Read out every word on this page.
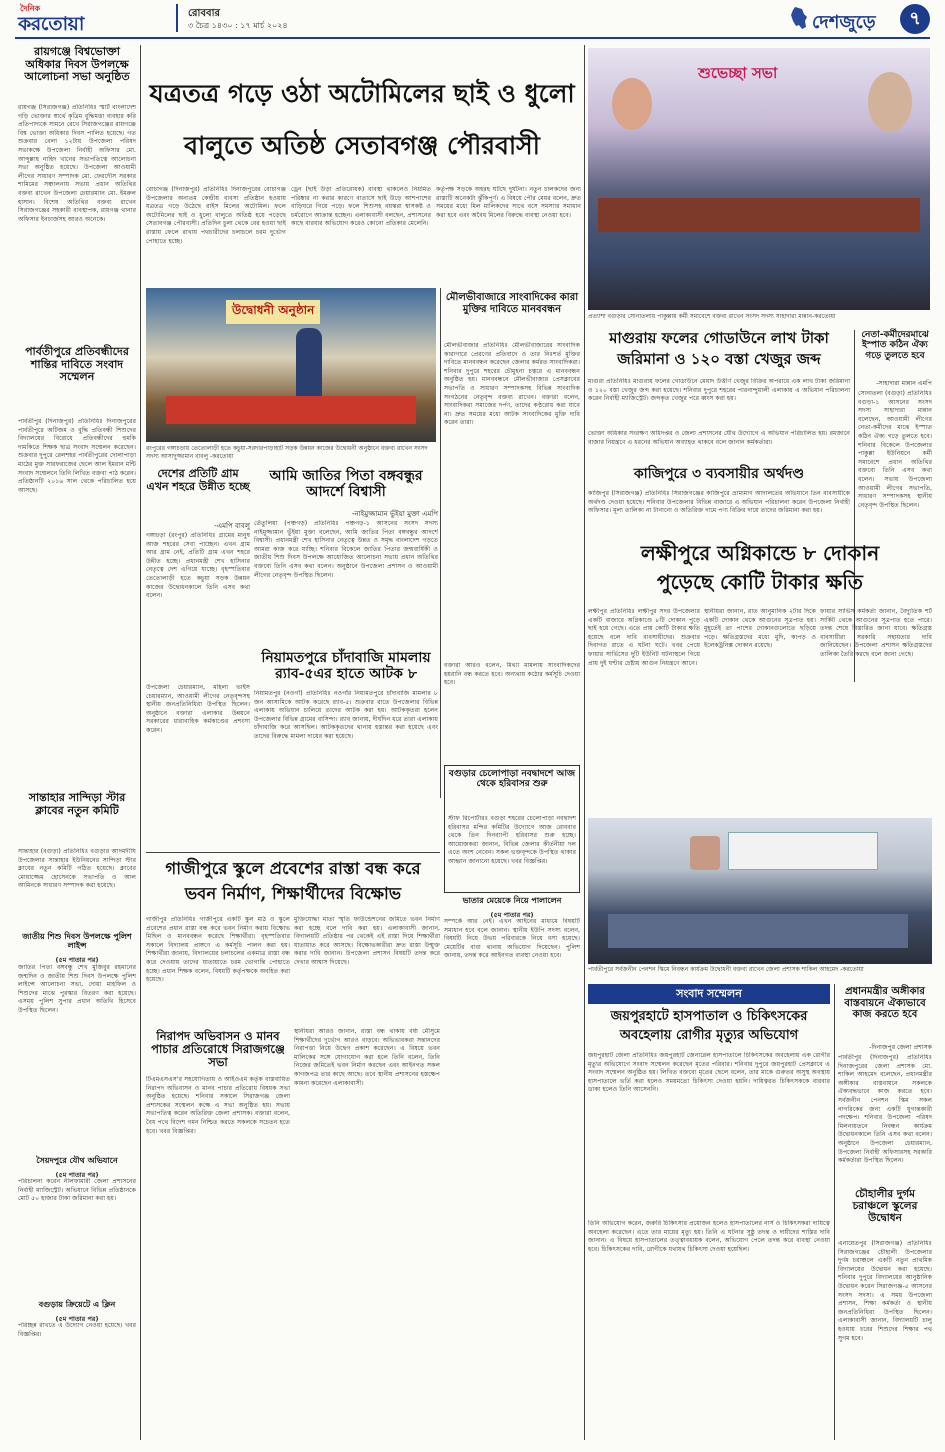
দৈনিক
করতোয়া	রোববার
৩ চৈত্র ১৪৩০ : ১৭ মার্চ ২০২৪	দেশজুড়ে	৭
রায়গঞ্জে বিশ্বভোক্তা অধিকার দিবস উপলক্ষে আলোচনা সভা অনুষ্ঠিত
রায়গঞ্জ (সিরাজগঞ্জ) প্রতিনিধিঃ স্মার্ট বাংলাদেশ গড়ি ভোক্তার স্বার্থে কৃত্রিম বুদ্ধিমত্তা ব্যবহার করি প্রতিপাদ্যকে সামনে রেখে সিরাজগঞ্জের রায়গঞ্জে বিশ্ব ভোক্তা অধিকার দিবস পালিত হয়েছে। গত শুক্রবার বেলা ১২টায় উপজেলা পরিষদ সভাকক্ষে উপজেলা নির্বাহী অফিসার মো. আব্দুল্লাহ নাহিদ খানের সভাপতিত্বে আলোচনা সভা অনুষ্ঠিত হয়েছে। উপজেলা আওয়ামী লীগের সাধারণ সম্পাদক মো. ফেরদৌস সরকার শামিমের সঞ্চালনায় সভায় প্রধান অতিথির বক্তব্য রাখেন উপজেলা চেয়ারম্যান মো. ইমরুল হাসান। বিশেষ অতিথির বক্তব্য রাখেন সিরাজগঞ্জের সহকারী ব্যবস্থাপক, রায়গঞ্জ থানার অফিসার ইনচার্জসহ আরও অনেকে।
পার্বতীপুরে প্রতিবন্ধীদের শান্তির দাবিতে সংবাদ সম্মেলন
পার্বতীপুর (দিনাজপুর) প্রতিনিধিঃ দিনাজপুরের পার্বতীপুরে অটিজম ও বুদ্ধি প্রতিবন্ধী শিশুদের বিদ্যালয়ের বিরোধে প্রতিবন্ধীদের হুমকি দামকিতে শিক্ষক ছাত্র সংবাদ সম্মেলন করেছেন। শুক্রবার দুপুরে রেলশহর পার্বতীপুরের দোলাপাড়া মাঠের মুক্ত সারফরাজের ছেলে আল ইমরান মন্টি সংবাদ সম্মেলনে তিনি লিখিত বক্তব্য পাঠ করেন। প্রতিষ্ঠানটি ২০১৬ সাল থেকে পরিচালিত হয়ে আসছে।
সান্তাহার সান্দিড়া স্টার ক্লাবের নতুন কমিটি
সান্তাহার (বগুড়া) প্রতিনিধিঃ বগুড়ার আদমদীঘি উপজেলার সান্তাহার ইউনিয়নের সান্দিড়া স্টার ক্লাবের নতুন কমিটি গঠিত হয়েছে। ক্লাবের মোয়াজ্জেম হোসেনকে সভাপতি ও আল আমিনকে সাধারণ সম্পাদক করা হয়েছে।
জাতীয় শিশু দিবস উপলক্ষে পুলিশ লাইন্স
(৫ম পাতার পর)
জাতির পিতা বঙ্গবন্ধু শেখ মুজিবুর রহমানের জন্মদিন ও জাতীয় শিশু দিবস উপলক্ষে পুলিশ লাইন্সে আলোচনা সভা, দোয়া মাহফিল ও শিশুদের মাঝে পুরস্কার বিতরণ করা হয়েছে। এসময় পুলিশ সুপার প্রধান অতিথি হিসেবে উপস্থিত ছিলেন।
সৈয়দপুরে যৌথ অভিযানে
(৫ম পাতার পর)
পরিচালনা করেন নীলফামারী জেলা প্রশাসনের নির্বাহী ম্যাজিস্ট্রেট। অভিযানে বিভিন্ন প্রতিষ্ঠানকে মোট ৫০ হাজার টাকা জরিমানা করা হয়।
বগুড়ায় ক্রিয়েটে এ ক্লিন
(৫ম পাতার পর)
পরিচ্ছন্ন রাখতে এ উদ্যোগ নেওয়া হয়েছে। খবর বিজ্ঞপ্তির।
যত্রতত্র গড়ে ওঠা অটোমিলের ছাই ও ধুলো
বালুতে অতিষ্ঠ সেতাবগঞ্জ পৌরবাসী
বোচাগঞ্জ (দিনাজপুর) প্রতিনিধিঃ দিনাজপুরের বোচাগঞ্জ উপজেলার অন্যতম কেন্দ্রীয় ব্যবসা প্রতিষ্ঠান হওয়ায় যত্রতত্র গড়ে উঠেছে রাইস মিলের অটোমিল। ফলে অটোমিলের ছাই ও ধুলো বালুতে অতিষ্ঠ হয়ে পড়েছে সেতাবগঞ্জ পৌরবাসী। প্রতিদিন চুলা থেকে বের হওয়া ছাই রাস্তায় ফেলে রাখায় পথচারীদের চলাচলে চরম দুর্ভোগ পোহাতে হচ্ছে।
ড্রেন (ছাই উড়া প্রতিরোধক) ব্যবস্থা থাকলেও নিয়মিত পরিষ্কার না করার কারণে বাতাসে ছাই উড়ে আশপাশের বাড়িঘরে গিয়ে পড়ে। ফলে শিশুসহ বয়স্করা শ্বাসকষ্ট ও চর্মরোগে আক্রান্ত হচ্ছেন। এলাকাবাসী বলছেন, প্রশাসনের কাছে বারবার অভিযোগ করেও কোনো প্রতিকার মেলেনি।
কর্তৃপক্ষ সড়কে অহরহ ঘটছে দুর্ঘটনা। নতুন চালকদের জন্য রাস্তাটি অনেকটা ঝুঁকিপূর্ণ। এ বিষয়ে পৌর মেয়র বলেন, দ্রুত সময়ের মধ্যে মিল মালিকদের সাথে বসে সমস্যার সমাধান করা হবে এবং অবৈধ মিলের বিরুদ্ধে ব্যবস্থা নেওয়া হবে।
উদ্বোধনী অনুষ্ঠান
রংপুরের গঙ্গাচড়ায় তেতোলাড়ী হতে কচুয়া-সরদারপাড়াহাট সড়ক উন্নয়ন কাজের উদ্বোধনী অনুষ্ঠানে বক্তব্য রাখেন সংসদ সদস্য আসাদুজ্জামান বাবলু -করতোয়া
মৌলভীবাজারে সাংবাদিকের কারা মুক্তির দাবিতে মানববন্ধন
মৌলভীবাজার প্রতিনিধিঃ মৌলভীবাজারের সাংবাদিক কারাগারে প্রেরণের প্রতিবাদে ও তার নিঃশর্ত মুক্তির দাবিতে মানববন্ধন করেছেন জেলার কর্মরত সাংবাদিকরা। শনিবার দুপুরে শহরের চৌমুহনা চত্বরে এ মানববন্ধন অনুষ্ঠিত হয়। মানববন্ধনে মৌলভীবাজার প্রেসক্লাবের সভাপতি ও সাধারণ সম্পাদকসহ বিভিন্ন সাংবাদিক সংগঠনের নেতৃবৃন্দ বক্তব্য রাখেন। বক্তারা বলেন, সাংবাদিকরা সমাজের দর্পণ, তাদের কণ্ঠরোধ করা যাবে না। দ্রুত সময়ের মধ্যে আটক সাংবাদিকের মুক্তি দাবি করেন তারা।
বক্তারা আরও বলেন, মিথ্যা মামলায় সাংবাদিকদের হয়রানি বন্ধ করতে হবে। অন্যথায় কঠোর কর্মসূচি দেওয়া হবে।
দেশের প্রতিটি গ্রাম এখন শহরে উন্নীত হচ্ছে
-এমপি বাবলু
গঙ্গাচড়া (রংপুর) প্রতিনিধিঃ গ্রামের মানুষ আজ শহরের সেবা পাচ্ছেন। এখন গ্রাম আর গ্রাম নেই, প্রতিটি গ্রাম এখন শহরে উন্নীত হচ্ছে। প্রধানমন্ত্রী শেখ হাসিনার নেতৃত্বে দেশ এগিয়ে যাচ্ছে। বৃহস্পতিবার তেতোলাড়ী হতে কচুয়া সড়ক উন্নয়ন কাজের উদ্বোধনকালে তিনি এসব কথা বলেন।
উপজেলা চেয়ারম্যান, মহিলা ভাইস চেয়ারম্যান, আওয়ামী লীগের নেতৃবৃন্দসহ স্থানীয় জনপ্রতিনিধিরা উপস্থিত ছিলেন। অনুষ্ঠানে বক্তারা এলাকার উন্নয়নে সরকারের ধারাবাহিক কর্মকাণ্ডের প্রশংসা করেন।
আমি জাতির পিতা বঙ্গবন্ধুর
আদর্শে বিশ্বাসী
-নাইমুজ্জামান ভুঁইয়া মুক্তা এমপি
তেঁতুলিয়া (পঞ্চগড়) প্রতিনিধিঃ পঞ্চগড়-১ আসনের সংসদ সদস্য নাইমুজ্জামান ভুঁইয়া মুক্তা বলেছেন, আমি জাতির পিতা বঙ্গবন্ধুর আদর্শে বিশ্বাসী। প্রধানমন্ত্রী শেখ হাসিনার নেতৃত্বে উন্নত ও সমৃদ্ধ বাংলাদেশ গড়তে আমরা কাজ করে যাচ্ছি। শনিবার বিকেলে জাতির পিতার জন্মবার্ষিকী ও জাতীয় শিশু দিবস উপলক্ষে আয়োজিত আলোচনা সভায় প্রধান অতিথির বক্তব্যে তিনি এসব কথা বলেন। অনুষ্ঠানে উপজেলা প্রশাসন ও আওয়ামী লীগের নেতৃবৃন্দ উপস্থিত ছিলেন।
নিয়ামতপুরে চাঁদাবাজি মামলায়
র‌্যাব-৫এর হাতে আটক ৮
নিয়ামতপুর (নওগাঁ) প্রতিনিধিঃ নওগাঁর নিয়ামতপুরে চাঁদাবাজি মামলার ৮ জন আসামিকে আটক করেছে র‌্যাব-৫। শুক্রবার রাতে উপজেলার বিভিন্ন এলাকায় অভিযান চালিয়ে তাদের আটক করা হয়। আটককৃতরা হলেন উপজেলার বিভিন্ন গ্রামের বাসিন্দা। র‌্যাব জানায়, দীর্ঘদিন ধরে তারা এলাকায় চাঁদাবাজি করে আসছিল। আটককৃতদের থানায় হস্তান্তর করা হয়েছে এবং তাদের বিরুদ্ধে মামলা দায়ের করা হয়েছে।
বগুড়ার চেলোপাড়া নবদ্বাদশে আজ থেকে হরিবাসর শুরু
স্টাফ রিপোর্টারঃ বগুড়া শহরের চেলোপাড়া নবদ্বাদশ হরিবাসর মন্দির কমিটির উদ্যোগে আজ রোববার থেকে তিন দিনব্যাপী হরিবাসর শুরু হচ্ছে। আয়োজকরা জানান, বিভিন্ন জেলার কীর্তনীয়া দল এতে অংশ নেবেন। সকল ভক্তবৃন্দকে উপস্থিত থাকার আহ্বান জানানো হয়েছে। খবর বিজ্ঞপ্তির।
ভাতার মেয়েকে নিয়ে পালালেন
(৫ম পাতার পর)
সম্পর্কে আর নেই। এখন আইনের মাধ্যমে বিষয়টি সমাধান হবে বলে জানান। স্থানীয় ইউপি সদস্য বলেন, বিষয়টি নিয়ে উভয় পরিবারকে নিয়ে বসা হয়েছে। মেয়েটির বাবা থানায় অভিযোগ দিয়েছেন। পুলিশ জানায়, তদন্ত করে আইনগত ব্যবস্থা নেওয়া হবে।
গাজীপুরে স্কুলে প্রবেশের রাস্তা বন্ধ করে
ভবন নির্মাণ, শিক্ষার্থীদের বিক্ষোভ
গাজীপুর প্রতিনিধিঃ গাজীপুরে একটি স্কুল মাঠ ও স্কুলে প্রবেশের প্রধান রাস্তা বন্ধ করে ভবন নির্মাণ করায় বিক্ষোভ মিছিল ও মানববন্ধন করেছে শিক্ষার্থীরা। বৃহস্পতিবার সকালে বিদ্যালয় প্রাঙ্গণে এ কর্মসূচি পালন করা হয়। শিক্ষার্থীরা জানায়, বিদ্যালয়ের চলাচলের একমাত্র রাস্তা বন্ধ করে দেওয়ায় তাদের যাতায়াতে চরম ভোগান্তি পোহাতে হচ্ছে। প্রধান শিক্ষক বলেন, বিষয়টি কর্তৃপক্ষকে অবহিত করা হয়েছে।
মুক্তিযোদ্ধা মাতা স্মৃতি ফাউন্ডেশনের জমিতে ভবন নির্মাণ করা হচ্ছে বলে দাবি করা হয়। এলাকাবাসী জানান, বিদ্যালয়টি প্রতিষ্ঠার পর থেকেই এই রাস্তা দিয়ে শিক্ষার্থীরা যাতায়াত করে আসছে। বিক্ষোভকারীরা দ্রুত রাস্তা উন্মুক্ত করার দাবি জানান। উপজেলা প্রশাসন বিষয়টি তদন্ত করে দেখার আশ্বাস দিয়েছে।
নিরাপদ অভিবাসন ও মানব পাচার প্রতিরোধে সিরাজগঞ্জে সভা
টিএমএসএস'র সহযোগিতায় ও আইওএম কর্তৃক বাস্তবায়িত নিরাপদ অভিবাসন ও মানব পাচার প্রতিরোধ বিষয়ক সভা অনুষ্ঠিত হয়েছে। শনিবার সকালে সিরাজগঞ্জ জেলা প্রশাসকের সম্মেলন কক্ষে এ সভা অনুষ্ঠিত হয়। সভায় সভাপতিত্ব করেন অতিরিক্ত জেলা প্রশাসক। বক্তারা বলেন, বৈধ পথে বিদেশ গমন নিশ্চিত করতে সকলকে সচেতন হতে হবে। খবর বিজ্ঞপ্তির।
স্থানীয়রা আরও জানান, রাস্তা বন্ধ থাকায় বর্ষা মৌসুমে শিক্ষার্থীদের দুর্ভোগ আরও বাড়বে। অভিভাবকরা সন্তানদের নিরাপত্তা নিয়ে উদ্বেগ প্রকাশ করেছেন। এ বিষয়ে ভবন মালিকের সঙ্গে যোগাযোগ করা হলে তিনি বলেন, তিনি নিজের জমিতেই ভবন নির্মাণ করছেন এবং আইনগত সকল কাগজপত্র তার কাছে আছে। তবে স্থানীয় প্রশাসনের হস্তক্ষেপ কামনা করেছেন এলাকাবাসী।
শুভেচ্ছা সভা
প্রত্যাশা বগুড়ার সোনাতলায় পাকুল্লায় কর্মী সমাবেশে বক্তব্য রাখেন সংসদ সদস্য সাহাদারা মান্নান-করতোয়া
মাগুরায় ফলের গোডাউনে লাখ টাকা
জরিমানা ও ১২০ বস্তা খেজুর জব্দ
মাগুরা প্রতিনিধিঃ মাগুরায় ফলের গোডাউনে মেয়াদ উত্তীর্ণ খেজুর বিক্রির অপরাধে এক লাখ টাকা জরিমানা ও ১২০ বস্তা খেজুর জব্দ করা হয়েছে। শনিবার দুপুরে শহরের পারনান্দুয়ালী এলাকায় এ অভিযান পরিচালনা করেন নির্বাহী ম্যাজিস্ট্রেট। জব্দকৃত খেজুর পরে ধ্বংস করা হয়।
ভোক্তা অধিকার সংরক্ষণ অধিদপ্তর ও জেলা প্রশাসনের যৌথ উদ্যোগে এ অভিযান পরিচালিত হয়। রমজানে বাজার নিয়ন্ত্রণে এ ধরনের অভিযান অব্যাহত থাকবে বলে জানান কর্মকর্তারা।
নেতা-কর্মীদেরমাঝে ইস্পাত কঠিন ঐক্য গড়ে তুলতে হবে
-সাহাদারা মান্নান এমপি
সোনাতলা (বগুড়া) প্রতিনিধিঃ বগুড়া-১ আসনের সংসদ সদস্য সাহাদারা মান্নান বলেছেন, আওয়ামী লীগের নেতা-কর্মীদের মাঝে ইস্পাত কঠিন ঐক্য গড়ে তুলতে হবে। শনিবার বিকেলে উপজেলার পাকুল্লা ইউনিয়নে কর্মী সমাবেশে প্রধান অতিথির বক্তব্যে তিনি এসব কথা বলেন। সভায় উপজেলা আওয়ামী লীগের সভাপতি, সাধারণ সম্পাদকসহ স্থানীয় নেতৃবৃন্দ উপস্থিত ছিলেন।
কাজিপুরে ৩ ব্যবসায়ীর অর্থদণ্ড
কাজিপুর (সিরাজগঞ্জ) প্রতিনিধিঃ সিরাজগঞ্জের কাজিপুরে ভ্রাম্যমাণ আদালতের অভিযানে তিন ব্যবসায়ীকে অর্থদণ্ড দেওয়া হয়েছে। শনিবার উপজেলার বিভিন্ন বাজারে এ অভিযান পরিচালনা করেন উপজেলা নির্বাহী অফিসার। মূল্য তালিকা না টানানো ও অতিরিক্ত দামে পণ্য বিক্রির দায়ে তাদের জরিমানা করা হয়।
লক্ষীপুরে অগ্নিকান্ডে ৮ দোকান
পুড়েছে কোটি টাকার ক্ষতি
লক্ষীপুর প্রতিনিধিঃ লক্ষীপুর সদর উপজেলার একটি বাজারে অগ্নিকাণ্ডে ৮টি দোকান পুড়ে ছাই হয়ে গেছে। এতে প্রায় কোটি টাকার ক্ষতি হয়েছে বলে দাবি ব্যবসায়ীদের। শুক্রবার দিবাগত রাতে এ ঘটনা ঘটে। খবর পেয়ে ফায়ার সার্ভিসের দুটি ইউনিট ঘটনাস্থলে গিয়ে প্রায় দুই ঘণ্টার চেষ্টায় আগুন নিয়ন্ত্রণে আনে।
স্থানীয়রা জানান, রাত আনুমানিক ২টার দিকে একটি দোকান থেকে আগুনের সূত্রপাত হয়। মুহূর্তেই তা পাশের দোকানগুলোতে ছড়িয়ে পড়ে। ক্ষতিগ্রস্তদের মধ্যে মুদি, কাপড় ও ইলেকট্রনিক্স দোকান রয়েছে।
ফায়ার সার্ভিস কর্মকর্তা জানান, বৈদ্যুতিক শর্ট সার্কিট থেকে আগুনের সূত্রপাত হতে পারে। তদন্ত শেষে বিস্তারিত জানা যাবে। ক্ষতিগ্রস্ত ব্যবসায়ীরা সরকারি সহায়তার দাবি জানিয়েছেন। উপজেলা প্রশাসন ক্ষতিগ্রস্তদের তালিকা তৈরি করছে বলে জানা গেছে।
পার্বতীপুরে সর্বজনীন পেনশন স্কিমে নিবন্ধন কার্যক্রম উদ্বোধনী বক্তব্য রাখেন জেলা প্রশাসক শাকিল আহমেদ -করতোয়া
সংবাদ সম্মেলন
জয়পুরহাটে হাসপাতাল ও চিকিৎসকের
অবহেলায় রোগীর মৃত্যুর অভিযোগ
জয়পুরহাট জেলা প্রতিনিধিঃ জয়পুরহাট জেনারেল হাসপাতালে চিকিৎসকের অবহেলায় এক রোগীর মৃত্যুর অভিযোগে সংবাদ সম্মেলন করেছেন মৃতের পরিবার। শনিবার দুপুরে জয়পুরহাট প্রেসক্লাবে এ সংবাদ সম্মেলন অনুষ্ঠিত হয়। লিখিত বক্তব্যে মৃতের ছেলে বলেন, তার মাকে গুরুতর অসুস্থ অবস্থায় হাসপাতালে ভর্তি করা হলেও সময়মতো চিকিৎসা দেওয়া হয়নি। দায়িত্বরত চিকিৎসককে বারবার ডাকা হলেও তিনি আসেননি।
তিনি অভিযোগ করেন, জরুরি চিকিৎসার প্রয়োজন হলেও হাসপাতালের নার্স ও চিকিৎসকরা দায়িত্বে অবহেলা করেছেন। এতে তার মায়ের মৃত্যু হয়। তিনি এ ঘটনার সুষ্ঠু তদন্ত ও দায়ীদের শাস্তির দাবি জানান। এ বিষয়ে হাসপাতালের তত্ত্বাবধায়ক বলেন, অভিযোগ পেলে তদন্ত করে ব্যবস্থা নেওয়া হবে। চিকিৎসকের দাবি, রোগীকে যথাযথ চিকিৎসা দেওয়া হয়েছিল।
প্রধানমন্ত্রীর অঙ্গীকার বাস্তবায়নে ঐক্যভাবে কাজ করতে হবে
-দিনাজপুর জেলা প্রশাসক
পার্বতীপুর (দিনাজপুর) প্রতিনিধিঃ দিনাজপুরের জেলা প্রশাসক মো. শাকিল আহমেদ বলেছেন, প্রধানমন্ত্রীর অঙ্গীকার বাস্তবায়নে সকলকে ঐক্যবদ্ধভাবে কাজ করতে হবে। সর্বজনীন পেনশন স্কিম সকল নাগরিকের জন্য একটি যুগান্তকারী পদক্ষেপ। শনিবার উপজেলা পরিষদ মিলনায়তনে নিবন্ধন কার্যক্রম উদ্বোধনকালে তিনি এসব কথা বলেন। অনুষ্ঠানে উপজেলা চেয়ারম্যান, উপজেলা নির্বাহী অফিসারসহ সরকারি কর্মকর্তারা উপস্থিত ছিলেন।
চৌহালীর দুর্গম চরাঞ্চলে স্কুলের উদ্বোধন
এনায়েতপুর (সিরাজগঞ্জ) প্রতিনিধিঃ সিরাজগঞ্জের চৌহালী উপজেলার দুর্গম চরাঞ্চলে একটি নতুন প্রাথমিক বিদ্যালয়ের উদ্বোধন করা হয়েছে। শনিবার দুপুরে বিদ্যালয়ের আনুষ্ঠানিক উদ্বোধন করেন সিরাজগঞ্জ-৫ আসনের সংসদ সদস্য। এ সময় উপজেলা প্রশাসন, শিক্ষা কর্মকর্তা ও স্থানীয় জনপ্রতিনিধিরা উপস্থিত ছিলেন। এলাকাবাসী জানান, বিদ্যালয়টি চালু হওয়ায় চরের শিশুদের শিক্ষার পথ সুগম হবে।
